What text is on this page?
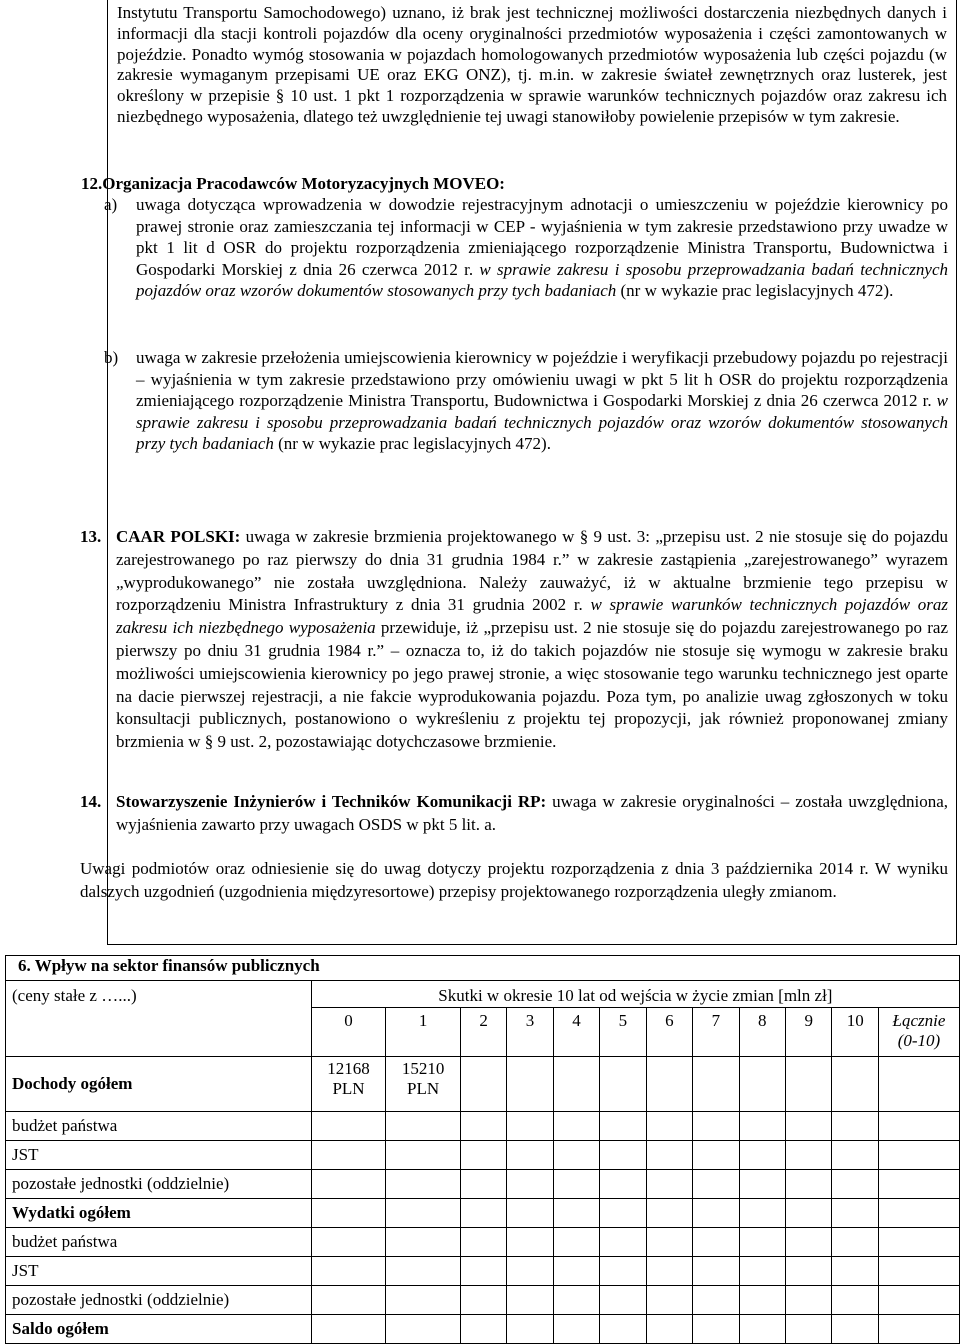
Instytutu Transportu Samochodowego) uznano, iż brak jest technicznej możliwości dostarczenia niezbędnych danych i informacji dla stacji kontroli pojazdów dla oceny oryginalności przedmiotów wyposażenia i części zamontowanych w pojeździe. Ponadto wymóg stosowania w pojazdach homologowanych przedmiotów wyposażenia lub części pojazdu (w zakresie wymaganym przepisami UE oraz EKG ONZ), tj. m.in. w zakresie świateł zewnętrznych oraz lusterek, jest określony w przepisie § 10 ust. 1 pkt 1 rozporządzenia w sprawie warunków technicznych pojazdów oraz zakresu ich niezbędnego wyposażenia, dlatego też uwzględnienie tej uwagi stanowiłoby powielenie przepisów w tym zakresie.

12.Organizacja Pracodawców Motoryzacyjnych MOVEO:
a) uwaga dotycząca wprowadzenia w dowodzie rejestracyjnym adnotacji o umieszczeniu w pojeździe kierownicy po prawej stronie oraz zamieszczania tej informacji w CEP - wyjaśnienia w tym zakresie przedstawiono przy uwadze w pkt 1 lit d OSR do projektu rozporządzenia zmieniającego rozporządzenie Ministra Transportu, Budownictwa i Gospodarki Morskiej z dnia 26 czerwca 2012 r. w sprawie zakresu i sposobu przeprowadzania badań technicznych pojazdów oraz wzorów dokumentów stosowanych przy tych badaniach (nr w wykazie prac legislacyjnych 472).
b) uwaga w zakresie przełożenia umiejscowienia kierownicy w pojeździe i weryfikacji przebudowy pojazdu po rejestracji – wyjaśnienia w tym zakresie przedstawiono przy omówieniu uwagi w pkt 5 lit h OSR do projektu rozporządzenia zmieniającego rozporządzenie Ministra Transportu, Budownictwa i Gospodarki Morskiej z dnia 26 czerwca 2012 r. w sprawie zakresu i sposobu przeprowadzania badań technicznych pojazdów oraz wzorów dokumentów stosowanych przy tych badaniach (nr w wykazie prac legislacyjnych 472).
13. CAAR POLSKI: uwaga w zakresie brzmienia projektowanego w § 9 ust. 3: „przepisu ust. 2 nie stosuje się do pojazdu zarejestrowanego po raz pierwszy do dnia 31 grudnia 1984 r.” w zakresie zastąpienia „zarejestrowanego” wyrazem „wyprodukowanego” nie została uwzględniona. Należy zauważyć, iż w aktualne brzmienie tego przepisu w rozporządzeniu Ministra Infrastruktury z dnia 31 grudnia 2002 r. w sprawie warunków technicznych pojazdów oraz zakresu ich niezbędnego wyposażenia przewiduje, iż „przepisu ust. 2 nie stosuje się do pojazdu zarejestrowanego po raz pierwszy po dniu 31 grudnia 1984 r.” – oznacza to, iż do takich pojazdów nie stosuje się wymogu w zakresie braku możliwości umiejscowienia kierownicy po jego prawej stronie, a więc stosowanie tego warunku technicznego jest oparte na dacie pierwszej rejestracji, a nie fakcie wyprodukowania pojazdu. Poza tym, po analizie uwag zgłoszonych w toku konsultacji publicznych, postanowiono o wykreśleniu z projektu tej propozycji, jak również proponowanej zmiany brzmienia w § 9 ust. 2, pozostawiając dotychczasowe brzmienie.
14. Stowarzyszenie Inżynierów i Techników Komunikacji RP: uwaga w zakresie oryginalności – została uwzględniona, wyjaśnienia zawarto przy uwagach OSDS w pkt 5 lit. a.

Uwagi podmiotów oraz odniesienie się do uwag dotyczy projektu rozporządzenia z dnia 3 października 2014 r. W wyniku dalszych uzgodnień (uzgodnienia międzyresortowe) przepisy projektowanego rozporządzenia uległy zmianom.

6. Wpływ na sektor finansów publicznych												
(ceny stałe z …...)	Skutki w okresie 10 lat od wejścia w życie zmian [mln zł]											
	0	1	2	3	4	5	6	7	8	9	10	Łącznie (0-10)
Dochody ogółem	12168 PLN	15210 PLN										
budżet państwa												
JST												
pozostałe jednostki (oddzielnie)												
Wydatki ogółem												
budżet państwa												
JST												
pozostałe jednostki (oddzielnie)												
Saldo ogółem												
